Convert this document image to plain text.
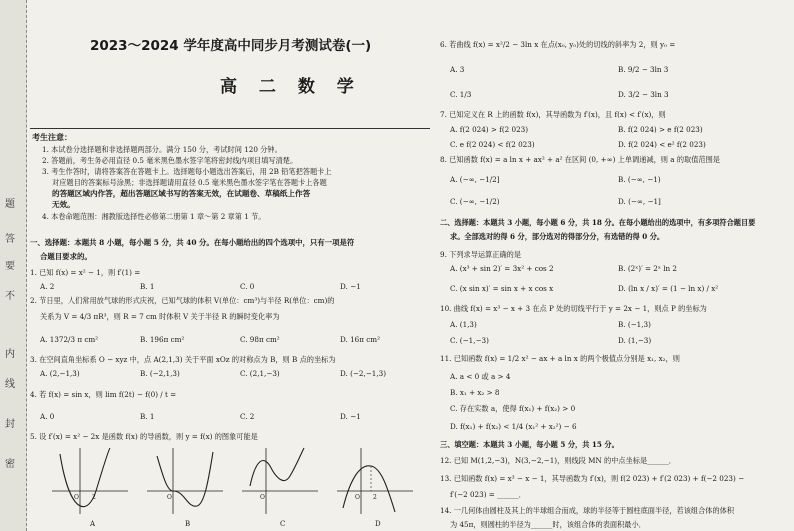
题
答
要
不
内
线
封
密
2023～2024 学年度高中同步月考测试卷(一)
高 二 数 学
考生注意：
1. 本试卷分选择题和非选择题两部分。满分 150 分，考试时间 120 分钟。
2. 答题前，考生务必用直径 0.5 毫米黑色墨水签字笔将密封线内项目填写清楚。
3. 考生作答时，请将答案答在答题卡上。选择题每小题选出答案后，用 2B 铅笔把答题卡上
对应题目的答案标号涂黑；非选择题请用直径 0.5 毫米黑色墨水签字笔在答题卡上各题
的答题区域内作答，超出答题区域书写的答案无效，在试题卷、草稿纸上作答
无效。
4. 本卷命题范围：湘教版选择性必修第二册第 1 章～第 2 章第 1 节。
一、选择题：本题共 8 小题，每小题 5 分，共 40 分。在每小题给出的四个选项中，只有一项是符
合题目要求的。
1. 已知 f(x) = x² − 1，则 f′(1) =
A. 2	B. 1	C. 0	D. −1
2. 节日里，人们常用放气球的形式庆祝，已知气球的体积 V(单位：cm³)与半径 R(单位：cm)的
关系为 V = 4/3 πR³，则 R = 7 cm 时体积 V 关于半径 R 的瞬时变化率为
A. 1372/3 π cm²	B. 196π cm²	C. 98π cm²	D. 16π cm²
3. 在空间直角坐标系 O − xyz 中，点 A(2,1,3) 关于平面 xOz 的对称点为 B，则 B 点的坐标为
A. (2,−1,3)	B. (−2,1,3)	C. (2,1,−3)	D. (−2,−1,3)
4. 若 f(x) = sin x，则 lim f(2t) − f(0) / t =
A. 0	B. 1	C. 2	D. −1
5. 设 f′(x) = x² − 2x 是函数 f(x) 的导函数，则 y = f(x) 的图象可能是
O 2
A
O
B
O
C
O 2
D
6. 若曲线 f(x) = x²/2 − 3ln x 在点(x₀, y₀)处的切线的斜率为 2，则 y₀ =
A. 3	B. 9/2 − 3ln 3
C. 1/3	D. 3/2 − 3ln 3
7. 已知定义在 R 上的函数 f(x)，其导函数为 f′(x)，且 f(x) < f′(x)，则
A. f(2 024) > f(2 023)	B. f(2 024) > e f(2 023)
C. e f(2 024) < f(2 023)	D. f(2 024) < e² f(2 023)
8. 已知函数 f(x) = a ln x + ax² + a² 在区间 (0, +∞) 上单调递减，则 a 的取值范围是
A. (−∞, −1/2]	B. (−∞, −1)
C. (−∞, −1/2)	D. (−∞, −1]
二、选择题：本题共 3 小题，每小题 6 分，共 18 分。在每小题给出的选项中，有多项符合题目要
求。全部选对的得 6 分，部分选对的得部分分，有选错的得 0 分。
9. 下列求导运算正确的是
A. (x³ + sin 2)′ = 3x² + cos 2	B. (2ˣ)′ = 2ˣ ln 2
C. (x sin x)′ = sin x + x cos x	D. (ln x / x)′ = (1 − ln x) / x²
10. 曲线 f(x) = x³ − x + 3 在点 P 处的切线平行于 y = 2x − 1，则点 P 的坐标为
A. (1,3)	B. (−1,3)
C. (−1,−3)	D. (1,−3)
11. 已知函数 f(x) = 1/2 x² − ax + a ln x 的两个极值点分别是 x₁, x₂，则
A. a < 0 或 a > 4
B. x₁ + x₂ > 8
C. 存在实数 a，使得 f(x₁) + f(x₂) > 0
D. f(x₁) + f(x₂) < 1/4 (x₁² + x₂²) − 6
三、填空题：本题共 3 小题，每小题 5 分，共 15 分。
12. 已知 M(1,2,−3)，N(3,−2,−1)，则线段 MN 的中点坐标是______．
13. 已知函数 f(x) = x³ − x − 1，其导函数为 f′(x)，则 f(2 023) + f′(2 023) + f(−2 023) −
f′(−2 023) = ______．
14. 一几何体由圆柱及其上的半球组合而成，球的半径等于圆柱底面半径，若该组合体的体积
为 45π，则圆柱的半径为______时，该组合体的表面积最小．
